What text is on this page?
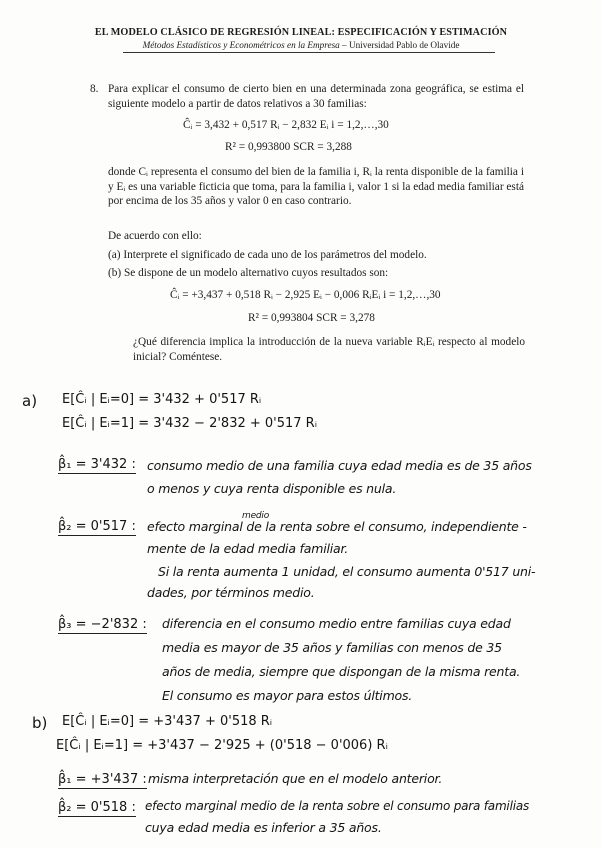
EL MODELO CLÁSICO DE REGRESIÓN LINEAL: ESPECIFICACIÓN Y ESTIMACIÓN
Métodos Estadísticos y Econométricos en la Empresa – Universidad Pablo de Olavide
8. Para explicar el consumo de cierto bien en una determinada zona geográfica, se estima el siguiente modelo a partir de datos relativos a 30 familias:
Ĉᵢ = 3,432 + 0,517 Rᵢ − 2,832 Eᵢ i = 1,2,…,30
R² = 0,993800 SCR = 3,288
donde Cᵢ representa el consumo del bien de la familia i, Rᵢ la renta disponible de la familia i y Eᵢ es una variable ficticia que toma, para la familia i, valor 1 si la edad media familiar está por encima de los 35 años y valor 0 en caso contrario.
De acuerdo con ello:
(a) Interprete el significado de cada uno de los parámetros del modelo.
(b) Se dispone de un modelo alternativo cuyos resultados son:
Ĉᵢ = +3,437 + 0,518 Rᵢ − 2,925 Eᵢ − 0,006 RᵢEᵢ i = 1,2,…,30
R² = 0,993804 SCR = 3,278
¿Qué diferencia implica la introducción de la nueva variable RᵢEᵢ respecto al modelo inicial? Coméntese.
a) E[Ĉᵢ | Eᵢ=0] = 3'432 + 0'517 Rᵢ
E[Ĉᵢ | Eᵢ=1] = 3'432 − 2'832 + 0'517 Rᵢ
β̂₁ = 3'432 : consumo medio de una familia cuya edad media es de 35 años
o menos y cuya renta disponible es nula.
medio
β̂₂ = 0'517 : efecto marginal de la renta sobre el consumo, independiente -
mente de la edad media familiar.
Si la renta aumenta 1 unidad, el consumo aumenta 0'517 uni-
dades, por términos medio.
β̂₃ = −2'832 : diferencia en el consumo medio entre familias cuya edad
media es mayor de 35 años y familias con menos de 35
años de media, siempre que dispongan de la misma renta.
El consumo es mayor para estos últimos.
b) E[Ĉᵢ | Eᵢ=0] = +3'437 + 0'518 Rᵢ
E[Ĉᵢ | Eᵢ=1] = +3'437 − 2'925 + (0'518 − 0'006) Rᵢ
β̂₁ = +3'437 : misma interpretación que en el modelo anterior.
β̂₂ = 0'518 : efecto marginal medio de la renta sobre el consumo para familias
cuya edad media es inferior a 35 años.
